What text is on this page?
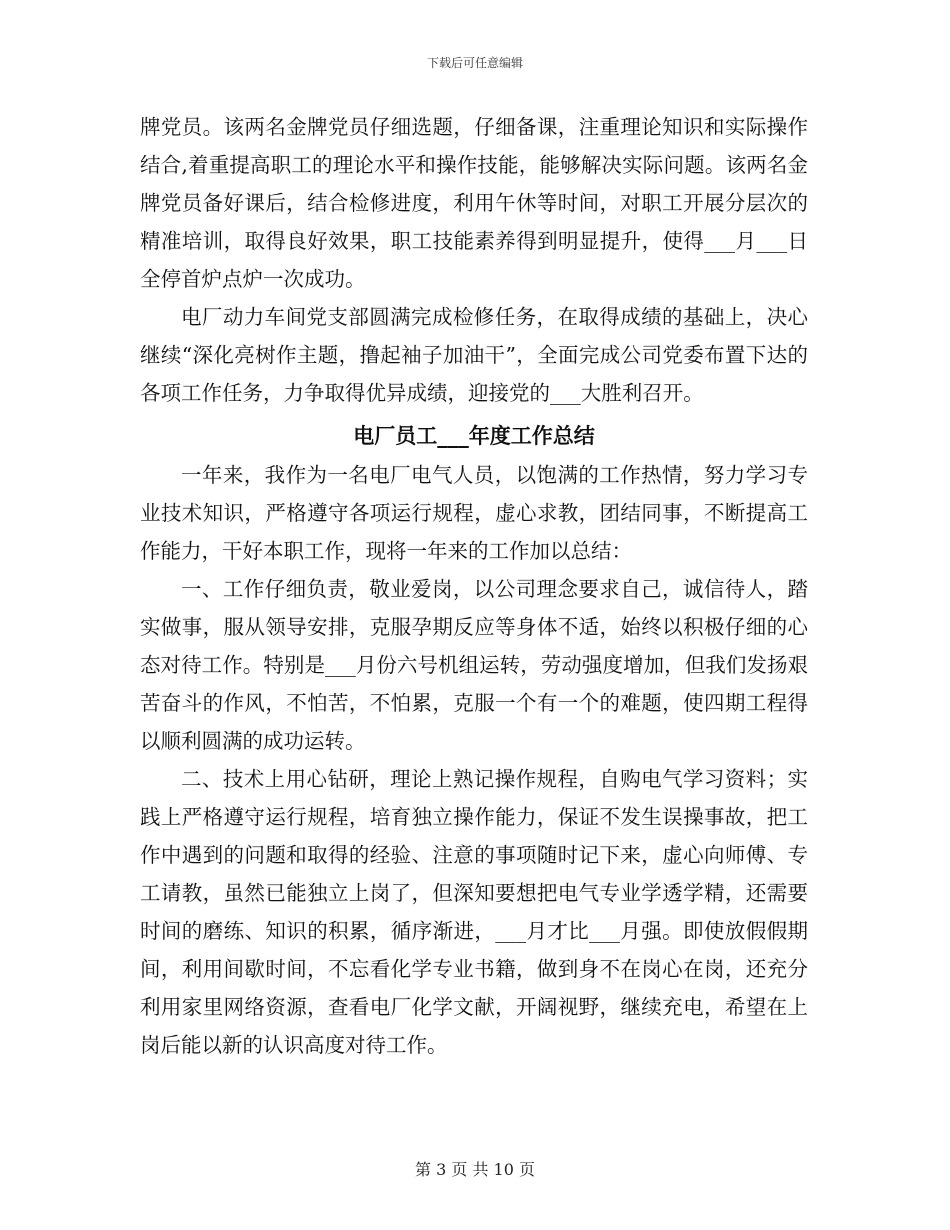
下载后可任意编辑

牌党员。该两名金牌党员仔细选题，仔细备课，注重理论知识和实际操作结合,着重提高职工的理论水平和操作技能，能够解决实际问题。该两名金牌党员备好课后，结合检修进度，利用午休等时间，对职工开展分层次的精准培训，取得良好效果，职工技能素养得到明显提升，使得___月___日全停首炉点炉一次成功。

电厂动力车间党支部圆满完成检修任务，在取得成绩的基础上，决心继续“深化亮树作主题，撸起袖子加油干”，全面完成公司党委布置下达的各项工作任务，力争取得优异成绩，迎接党的___大胜利召开。

电厂员工___年度工作总结

一年来，我作为一名电厂电气人员，以饱满的工作热情，努力学习专业技术知识，严格遵守各项运行规程，虚心求教，团结同事，不断提高工作能力，干好本职工作，现将一年来的工作加以总结：

一、工作仔细负责，敬业爱岗，以公司理念要求自己，诚信待人，踏实做事，服从领导安排，克服孕期反应等身体不适，始终以积极仔细的心态对待工作。特别是___月份六号机组运转，劳动强度增加，但我们发扬艰苦奋斗的作风，不怕苦，不怕累，克服一个有一个的难题，使四期工程得以顺利圆满的成功运转。

二、技术上用心钻研，理论上熟记操作规程，自购电气学习资料；实践上严格遵守运行规程，培育独立操作能力，保证不发生误操事故，把工作中遇到的问题和取得的经验、注意的事项随时记下来，虚心向师傅、专工请教，虽然已能独立上岗了，但深知要想把电气专业学透学精，还需要时间的磨练、知识的积累，循序渐进，___月才比___月强。即使放假假期间，利用间歇时间，不忘看化学专业书籍，做到身不在岗心在岗，还充分利用家里网络资源，查看电厂化学文献，开阔视野，继续充电，希望在上岗后能以新的认识高度对待工作。

第 3 页 共 10 页
